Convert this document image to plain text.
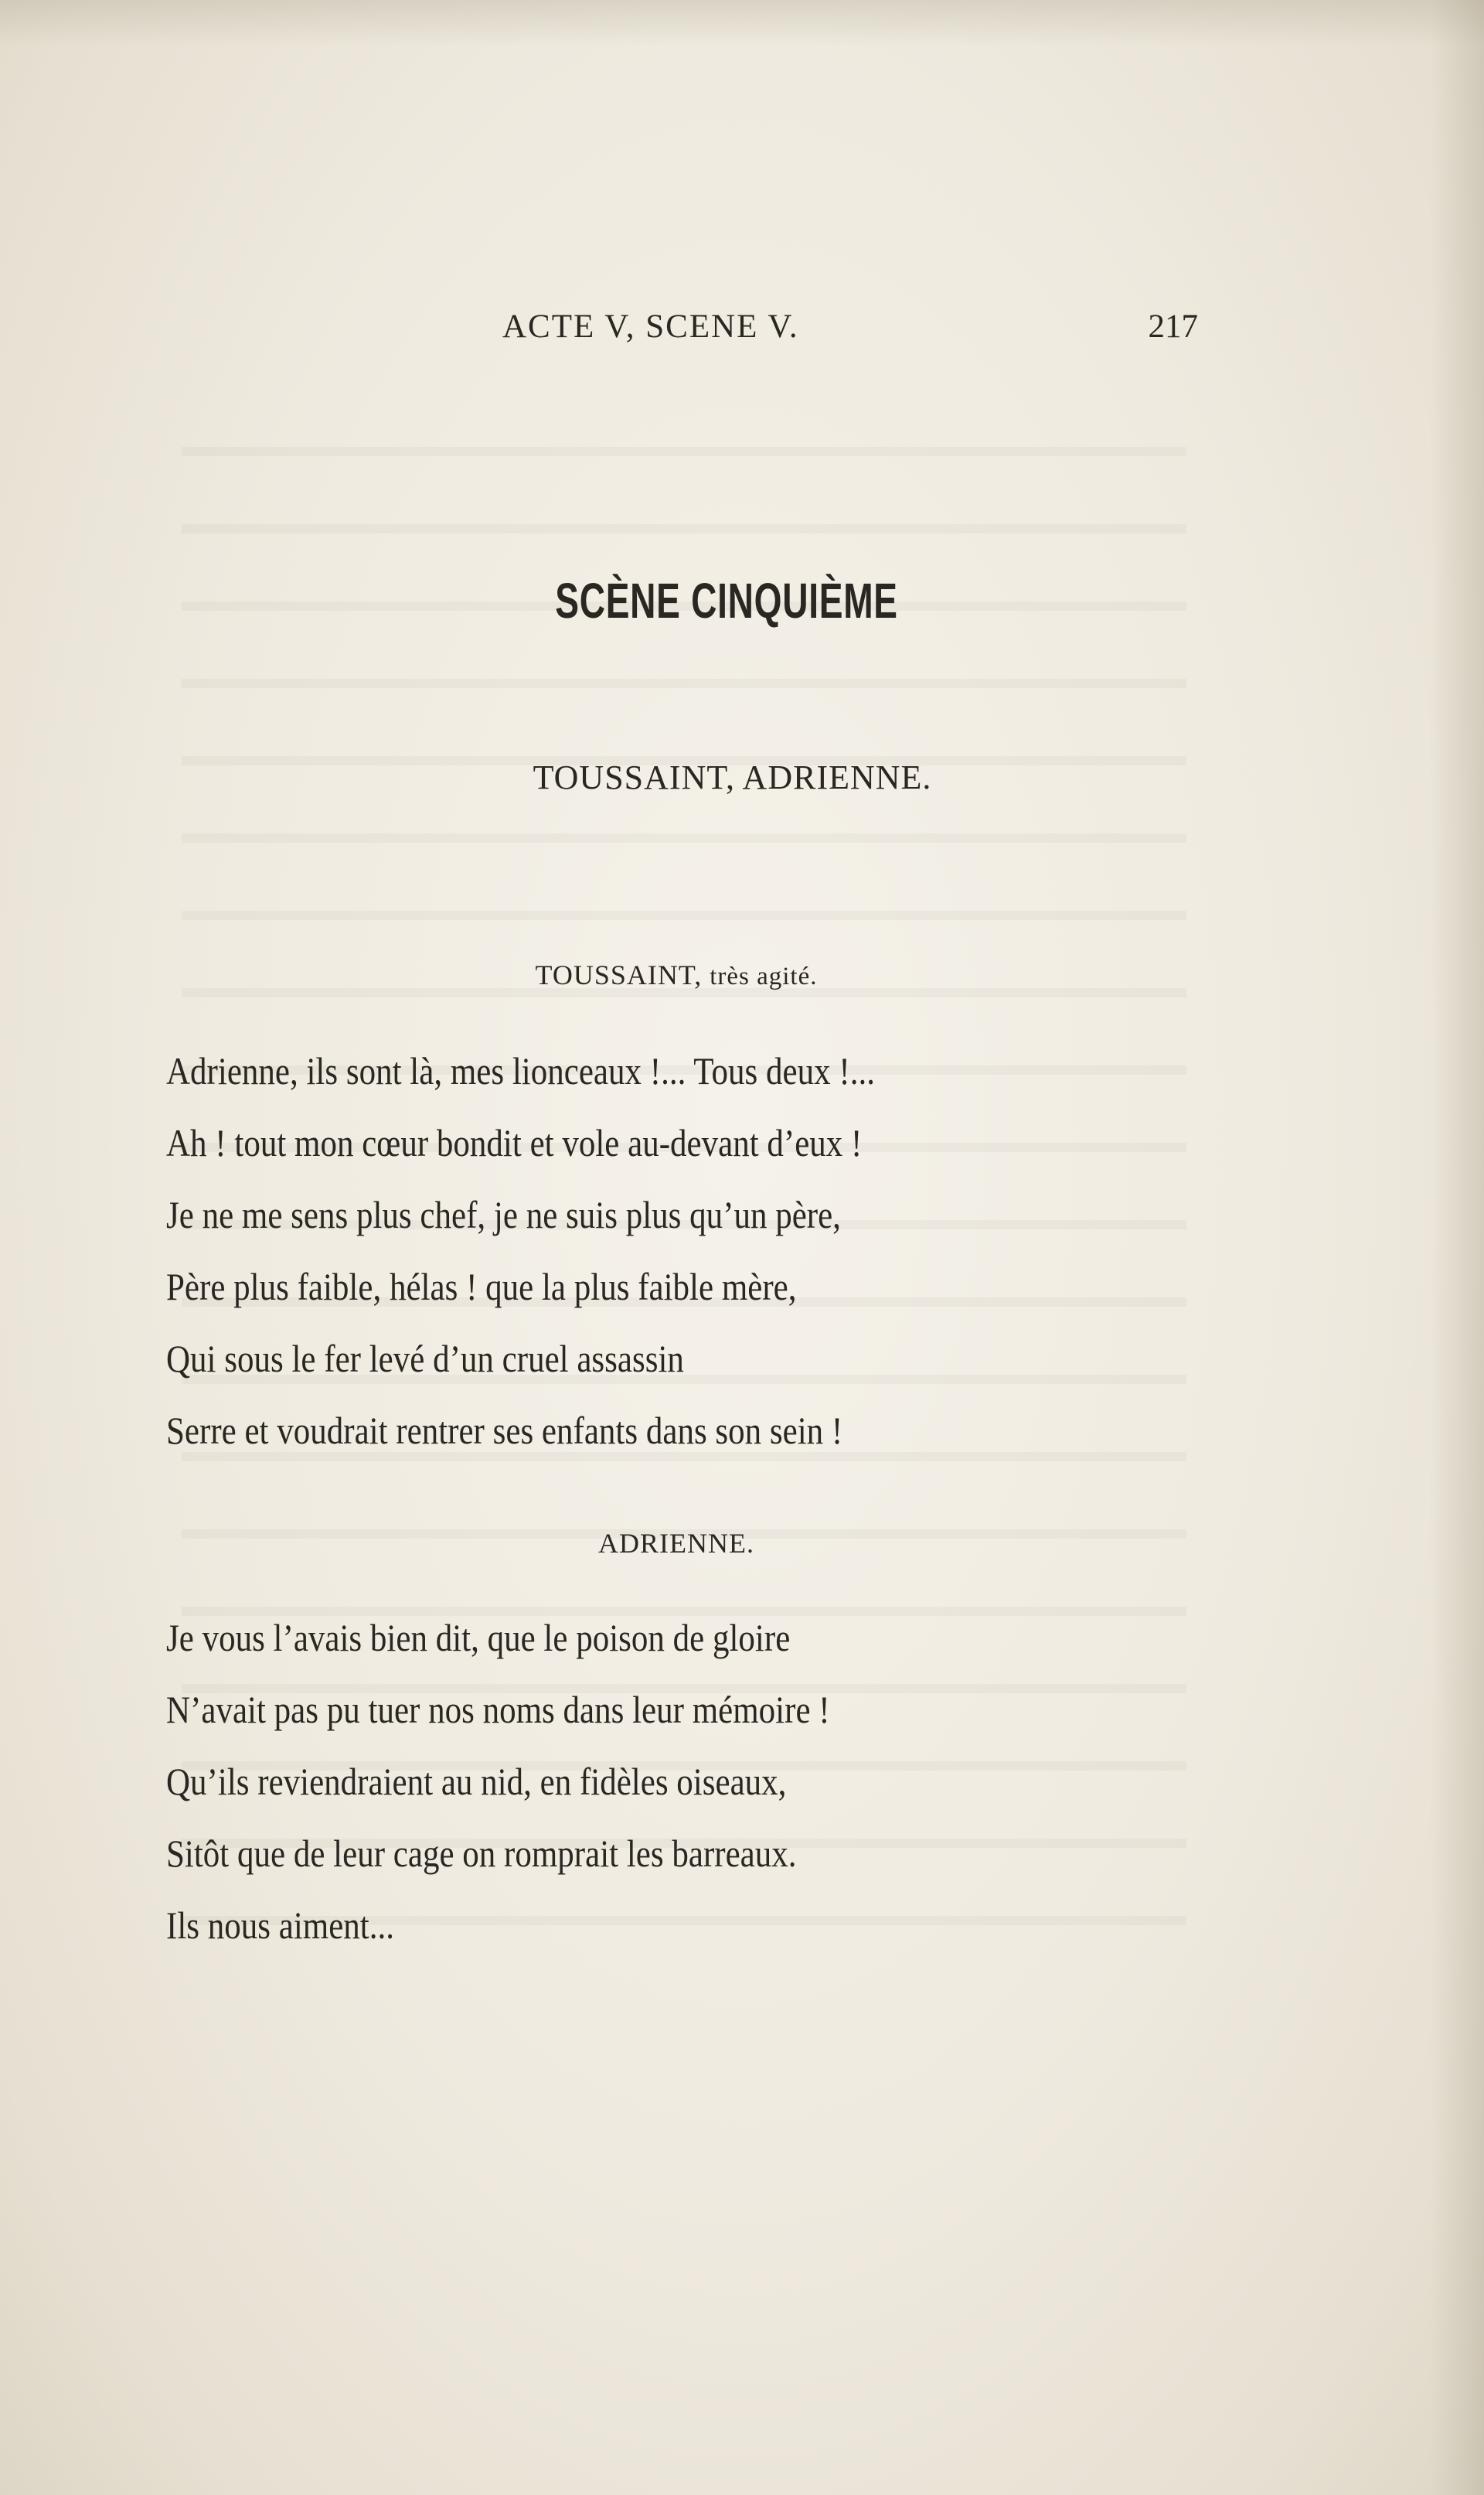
ACTE V, SCENE V.	217
SCÈNE CINQUIÈME
TOUSSAINT, ADRIENNE.
TOUSSAINT, très agité.
Adrienne, ils sont là, mes lionceaux !... Tous deux !...
Ah ! tout mon cœur bondit et vole au-devant d’eux !
Je ne me sens plus chef, je ne suis plus qu’un père,
Père plus faible, hélas ! que la plus faible mère,
Qui sous le fer levé d’un cruel assassin
Serre et voudrait rentrer ses enfants dans son sein !
ADRIENNE.
Je vous l’avais bien dit, que le poison de gloire
N’avait pas pu tuer nos noms dans leur mémoire !
Qu’ils reviendraient au nid, en fidèles oiseaux,
Sitôt que de leur cage on romprait les barreaux.
Ils nous aiment...
